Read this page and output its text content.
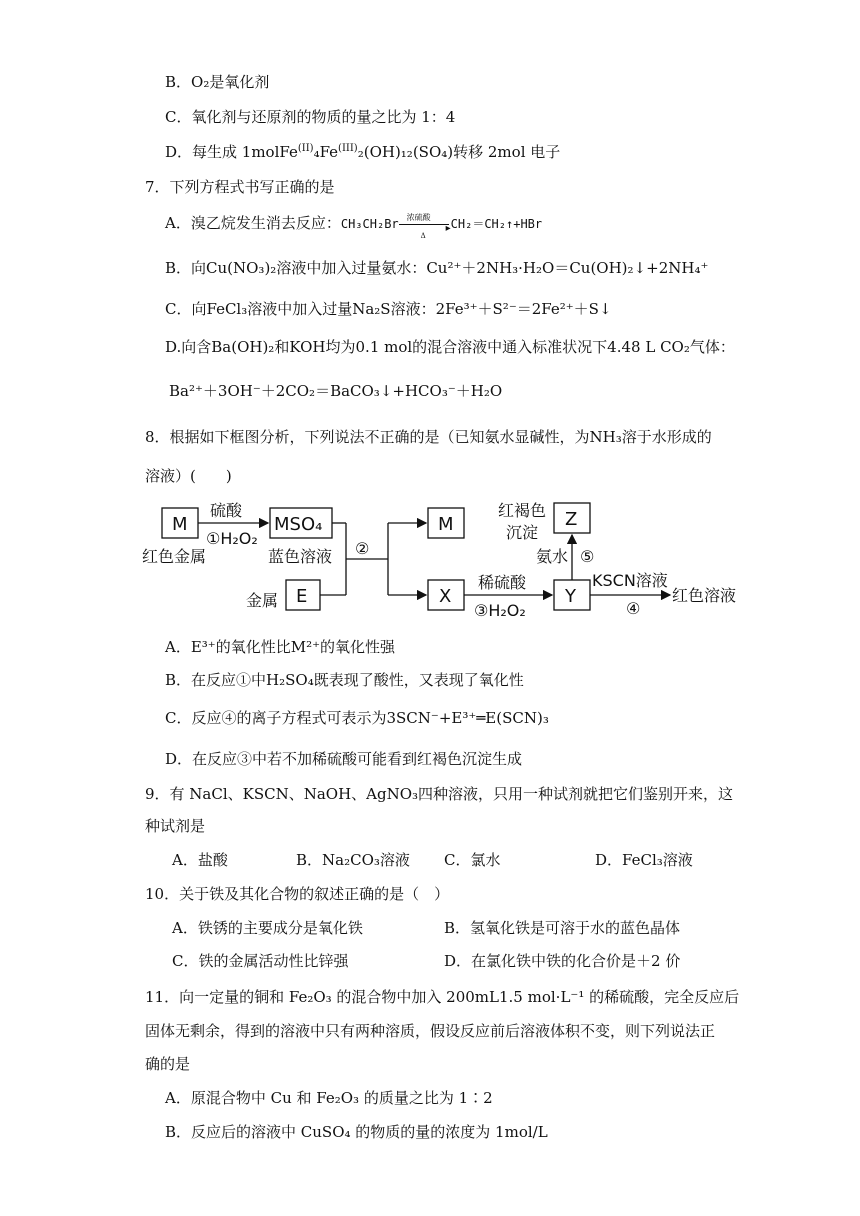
B．O₂是氧化剂
C．氧化剂与还原剂的物质的量之比为 1：4
D．每生成 $1molFe^{(II)}_4Fe^{(III)}_2(OH)_{12}(SO_4)$转移 2mol 电子
7．下列方程式书写正确的是
A．溴乙烷发生消去反应：CH₃CH₂Br 浓硫酸
▸
Δ
CH₂＝CH₂↑+HBr
B．向Cu(NO₃)₂溶液中加入过量氨水：Cu²⁺＋2NH₃·H₂O＝Cu(OH)₂↓+2NH₄⁺
C．向FeCl₃溶液中加入过量Na₂S溶液：2Fe³⁺＋S²⁻＝2Fe²⁺＋S↓
D.向含Ba(OH)₂和KOH均为0.1 mol的混合溶液中通入标准状况下4.48 L CO₂气体：
Ba²⁺＋3OH⁻＋2CO₂＝BaCO₃↓+HCO₃⁻＋H₂O
8．根据如下框图分析，下列说法不正确的是（已知氨水显碱性，为NH₃溶于水形成的
溶液）(　　)
M
红色金属
硫酸
①H₂O₂
MSO₄
蓝色溶液
E
金属
②
M
X
稀硫酸
③H₂O₂
Y
Z
红褐色
沉淀
氨水 ⑤
KSCN溶液
④
红色溶液
A．E³⁺的氧化性比M²⁺的氧化性强
B．在反应①中H₂SO₄既表现了酸性，又表现了氧化性
C．反应④的离子方程式可表示为3SCN⁻+E³⁺═E(SCN)₃
D．在反应③中若不加稀硫酸可能看到红褐色沉淀生成
9．有 NaCl、KSCN、NaOH、AgNO₃四种溶液，只用一种试剂就把它们鉴别开来，这
种试剂是
A．盐酸	B．Na₂CO₃溶液 C．氯水	D．FeCl₃溶液
10．关于铁及其化合物的叙述正确的是（　）
A．铁锈的主要成分是氧化铁	B．氢氧化铁是可溶于水的蓝色晶体
C．铁的金属活动性比锌强	D．在氯化铁中铁的化合价是＋2 价
11．向一定量的铜和 Fe₂O₃ 的混合物中加入 200mL1.5 mol·L⁻¹ 的稀硫酸，完全反应后
固体无剩余，得到的溶液中只有两种溶质，假设反应前后溶液体积不变，则下列说法正
确的是
A．原混合物中 Cu 和 Fe₂O₃ 的质量之比为 1∶2
B．反应后的溶液中 CuSO₄ 的物质的量的浓度为 1mol/L
